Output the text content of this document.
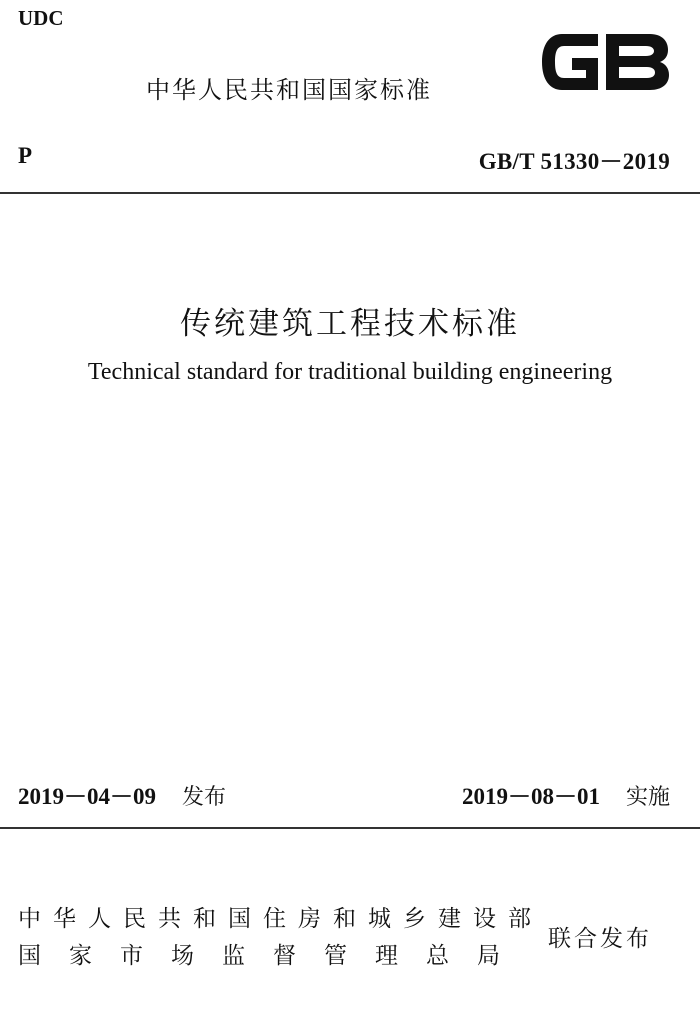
UDC
中华人民共和国国家标准
P	GB/T 51330－2019
传统建筑工程技术标准
Technical standard for traditional building engineering
2019－04－09 发布	2019－08－01 实施
中华人民共和国住房和城乡建设部
国家市场监督管理总局
联合发布
